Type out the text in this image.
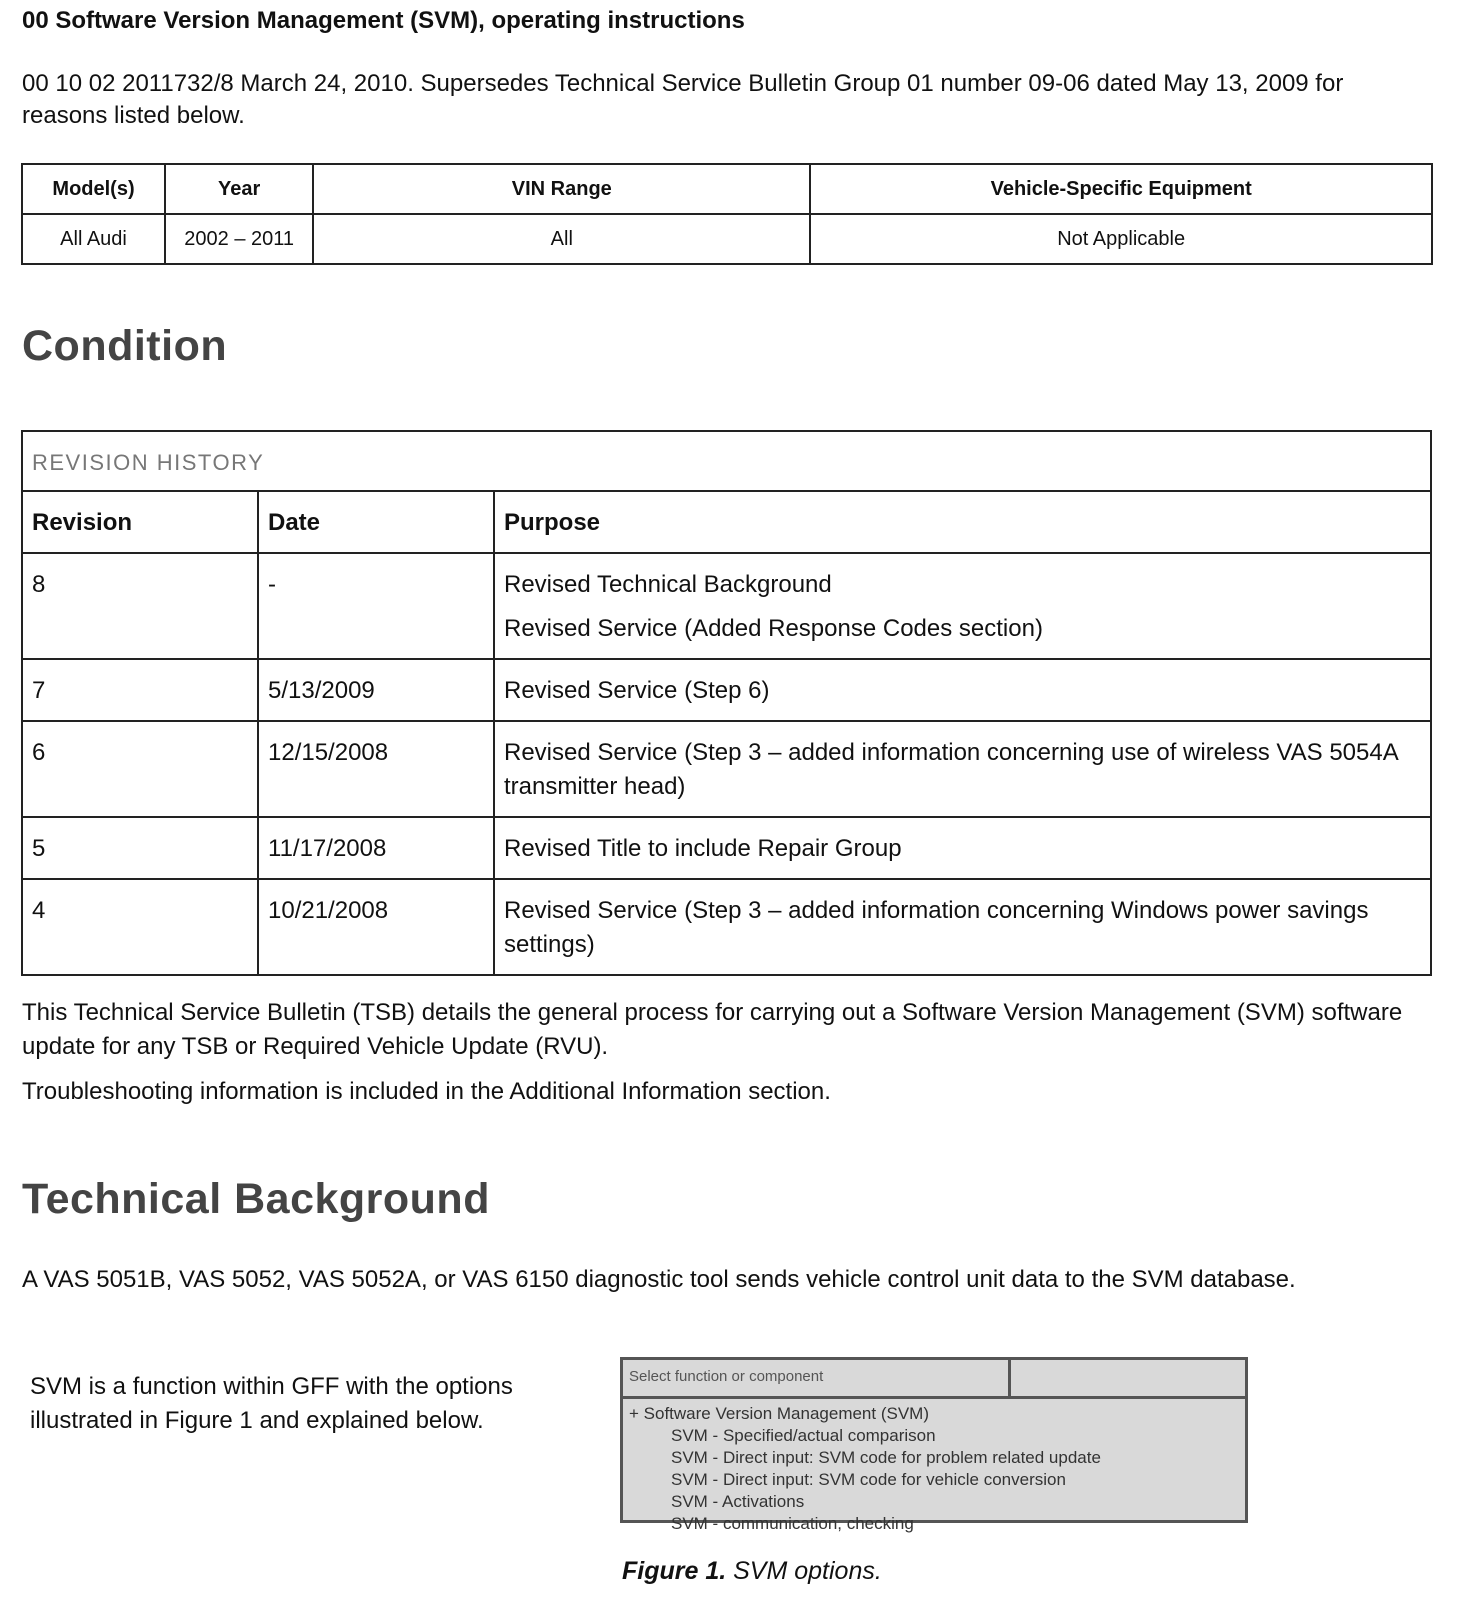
00 Software Version Management (SVM), operating instructions

00 10 02 2011732/8 March 24, 2010. Supersedes Technical Service Bulletin Group 01 number 09-06 dated May 13, 2009 for reasons listed below.

Model(s)	Year	VIN Range	Vehicle-Specific Equipment
All Audi	2002 – 2011	All	Not Applicable
Condition
REVISION HISTORY		
Revision	Date	Purpose
8	-	Revised Technical Background
Revised Service (Added Response Codes section)

7	5/13/2009	Revised Service (Step 6)
6	12/15/2008	Revised Service (Step 3 – added information concerning use of wireless VAS 5054A transmitter head)
5	11/17/2008	Revised Title to include Repair Group
4	10/21/2008	Revised Service (Step 3 – added information concerning Windows power savings settings)

This Technical Service Bulletin (TSB) details the general process for carrying out a Software Version Management (SVM) software update for any TSB or Required Vehicle Update (RVU).

Troubleshooting information is included in the Additional Information section.

Technical Background

A VAS 5051B, VAS 5052, VAS 5052A, or VAS 6150 diagnostic tool sends vehicle control unit data to the SVM database.

SVM is a function within GFF with the options illustrated in Figure 1 and explained below.

Select function or component
+ Software Version Management (SVM)
SVM - Specified/actual comparison
SVM - Direct input: SVM code for problem related update
SVM - Direct input: SVM code for vehicle conversion
SVM - Activations
SVM - communication, checking

Figure 1. SVM options.
